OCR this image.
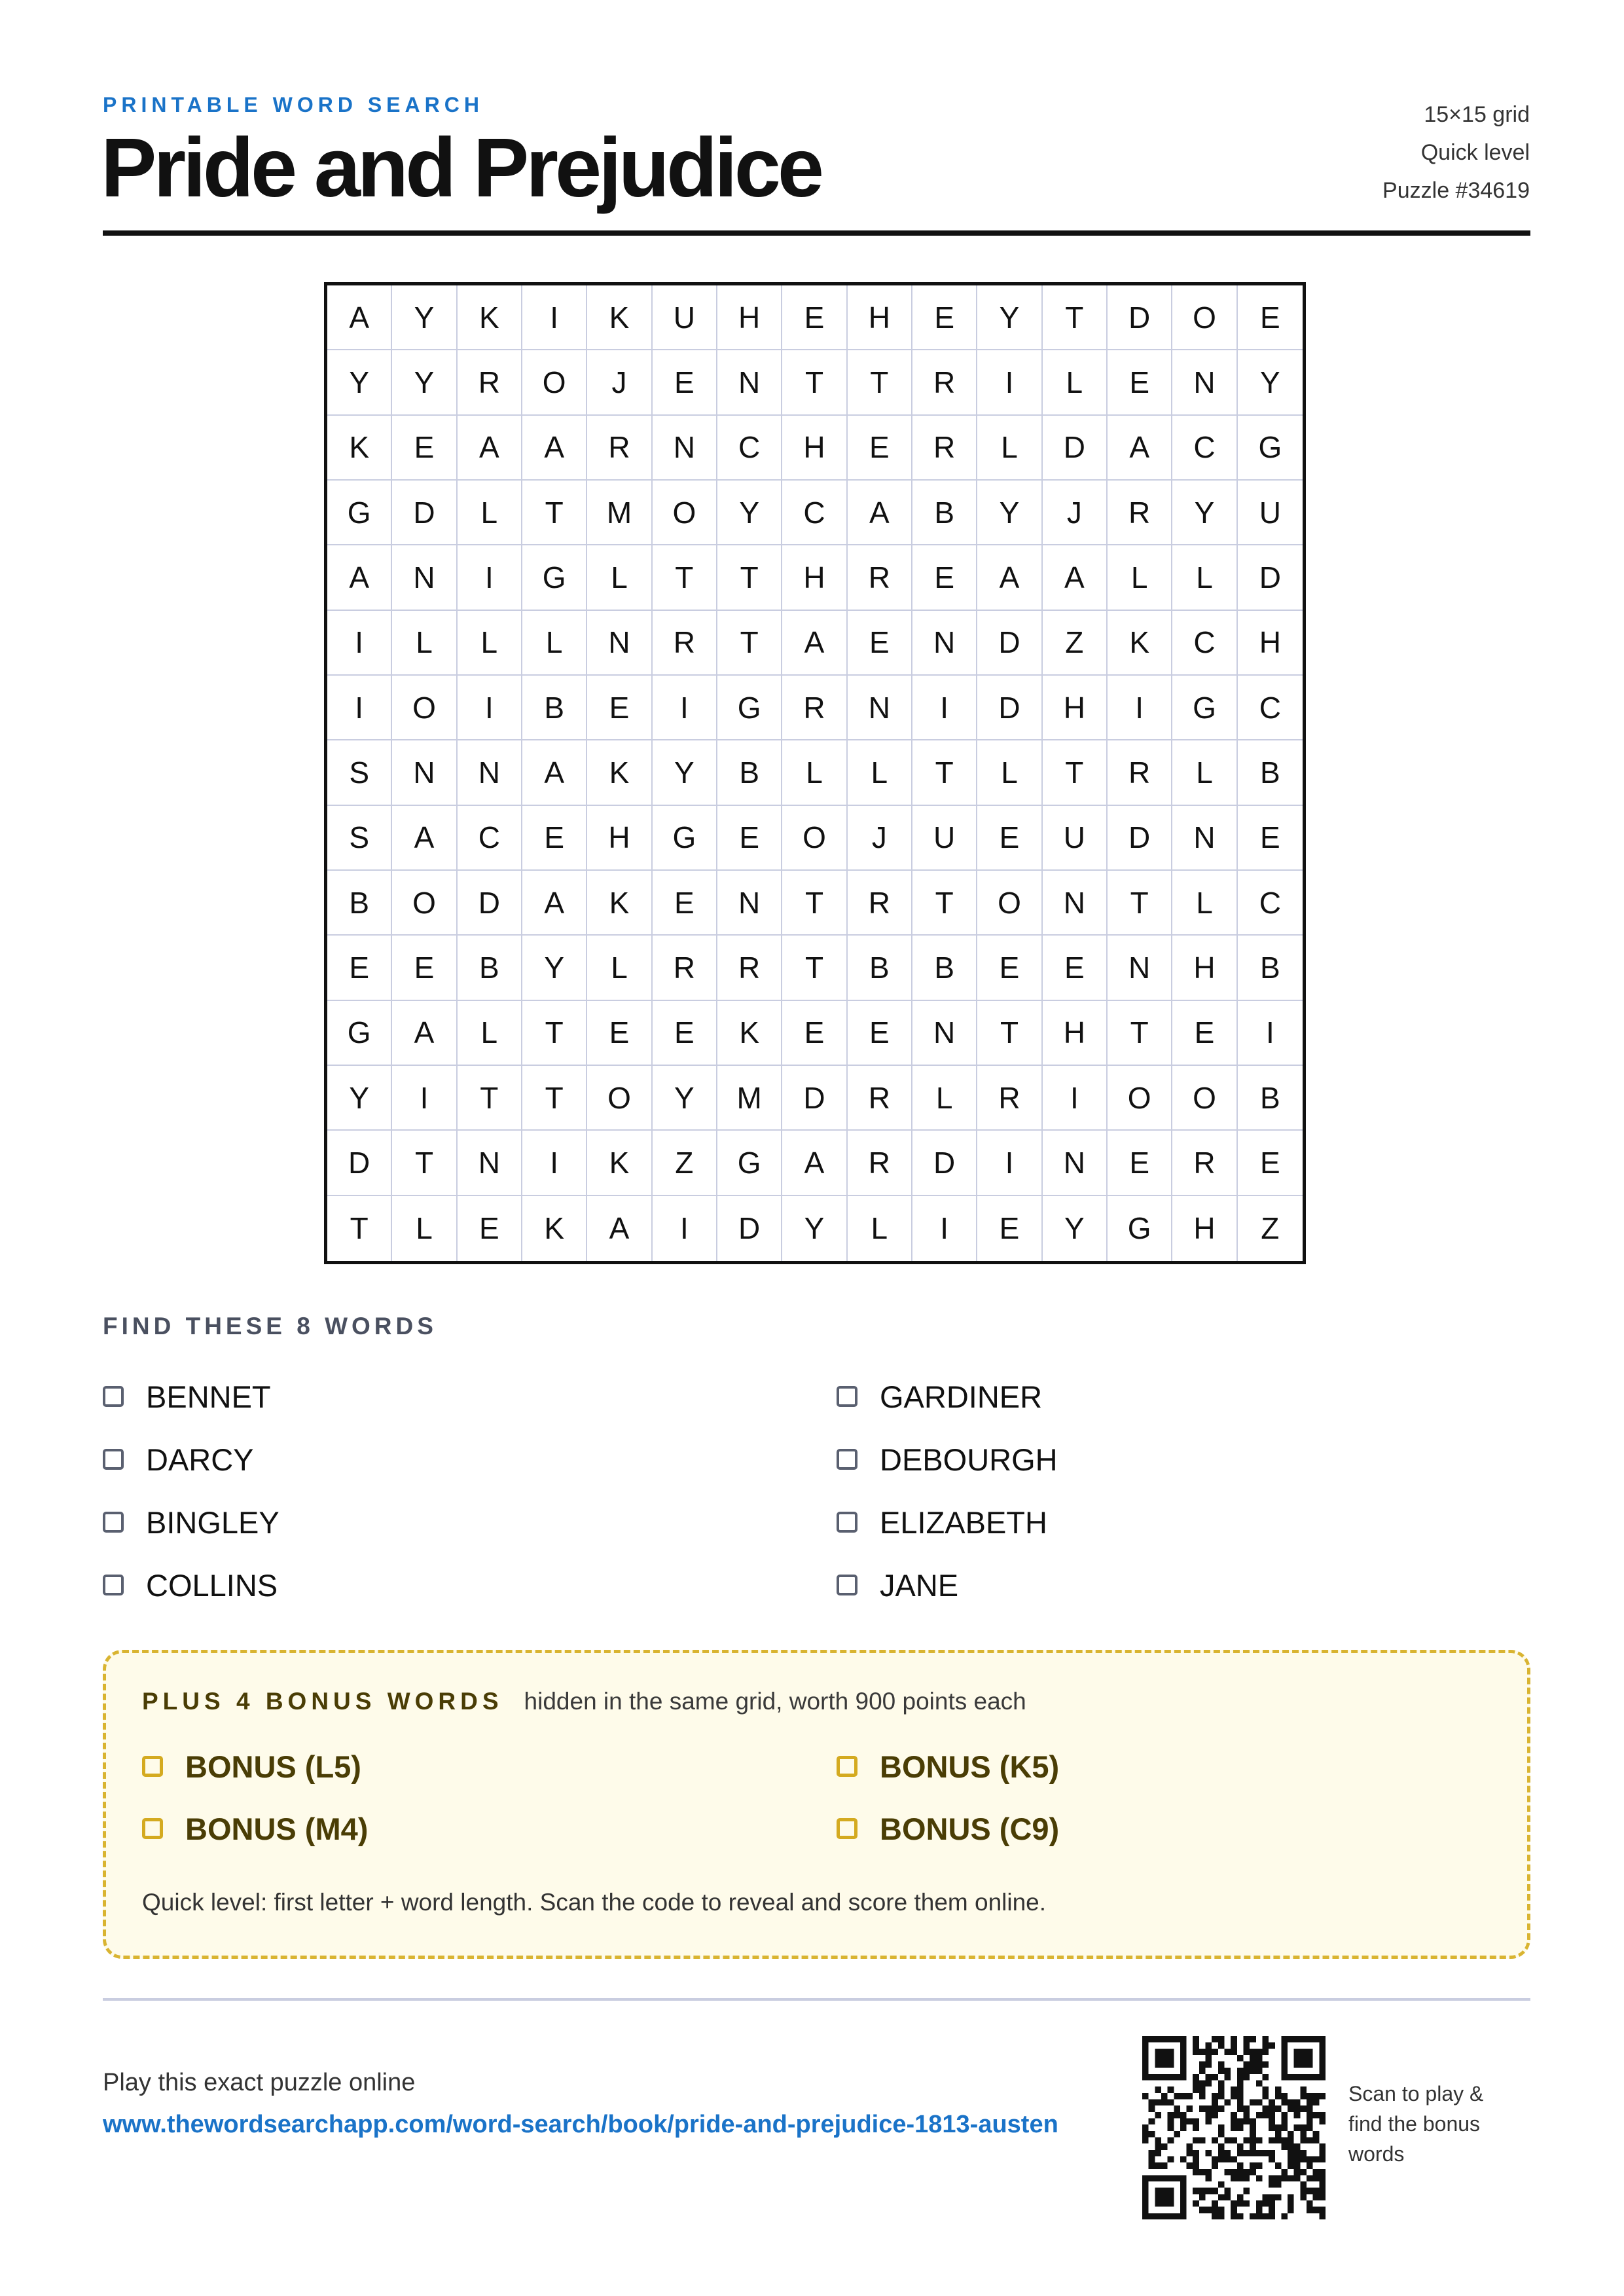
PRINTABLE WORD SEARCH
Pride and Prejudice
15×15 grid
Quick level
Puzzle #34619
A	Y	K	I	K	U	H	E	H	E	Y	T	D	O	E
Y	Y	R	O	J	E	N	T	T	R	I	L	E	N	Y
K	E	A	A	R	N	C	H	E	R	L	D	A	C	G
G	D	L	T	M	O	Y	C	A	B	Y	J	R	Y	U
A	N	I	G	L	T	T	H	R	E	A	A	L	L	D
I	L	L	L	N	R	T	A	E	N	D	Z	K	C	H
I	O	I	B	E	I	G	R	N	I	D	H	I	G	C
S	N	N	A	K	Y	B	L	L	T	L	T	R	L	B
S	A	C	E	H	G	E	O	J	U	E	U	D	N	E
B	O	D	A	K	E	N	T	R	T	O	N	T	L	C
E	E	B	Y	L	R	R	T	B	B	E	E	N	H	B
G	A	L	T	E	E	K	E	E	N	T	H	T	E	I
Y	I	T	T	O	Y	M	D	R	L	R	I	O	O	B
D	T	N	I	K	Z	G	A	R	D	I	N	E	R	E
T	L	E	K	A	I	D	Y	L	I	E	Y	G	H	Z
FIND THESE 8 WORDS
BENNET	GARDINER
DARCY	DEBOURGH
BINGLEY	ELIZABETH
COLLINS	JANE
PLUS 4 BONUS WORDS hidden in the same grid, worth 900 points each
BONUS (L5)	BONUS (K5)
BONUS (M4)	BONUS (C9)
Quick level: first letter + word length. Scan the code to reveal and score them online.
Play this exact puzzle online
www.thewordsearchapp.com/word-search/book/pride-and-prejudice-1813-austen
Scan to play & find the bonus words
